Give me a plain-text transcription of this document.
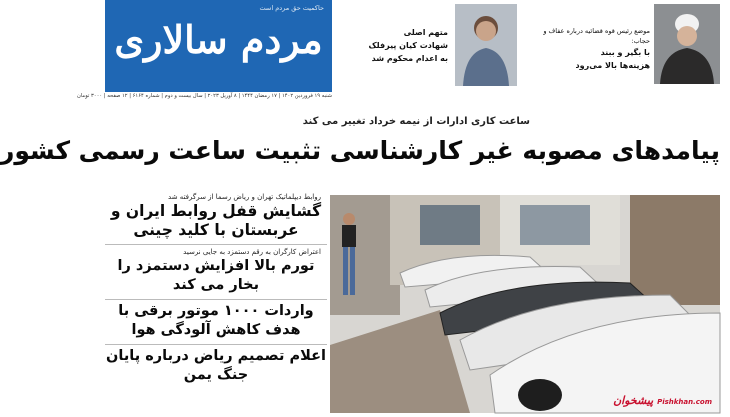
حاکمیت حق مردم است
مردم سالاری
شنبه ۱۹ فروردین ۱۴۰۲ | ۱۷ رمضان ۱۴۴۴ | ۸ آوریل ۲۰۲۳ | سال بیست و دوم | شماره ۶۱۶۴ | ۱۲ صفحه | ۳۰۰۰ تومان
متهم اصلی
شهادت کیان پیرفلک
به اعدام محکوم شد
موضع رئیس قوه قضائیه درباره عفاف و حجاب:
با بگیر و ببند
هزینه‌ها بالا می‌رود
ساعت کاری ادارات از نیمه خرداد تغییر می کند
پیامدهای مصوبه غیر کارشناسی تثبیت ساعت رسمی کشور
روابط دیپلماتیک تهران و ریاض رسما از سرگرفته شد
گشایش قفل روابط ایران و عربستان با کلید چینی
اعتراض کارگران به رقم دستمزد به جایی نرسید
تورم بالا افزایش دستمزد را بخار می کند
واردات ۱۰۰۰ موتور برقی با هدف کاهش آلودگی هوا
اعلام تصمیم ریاض درباره پایان جنگ یمن
پیشخوان Pishkhan.com
